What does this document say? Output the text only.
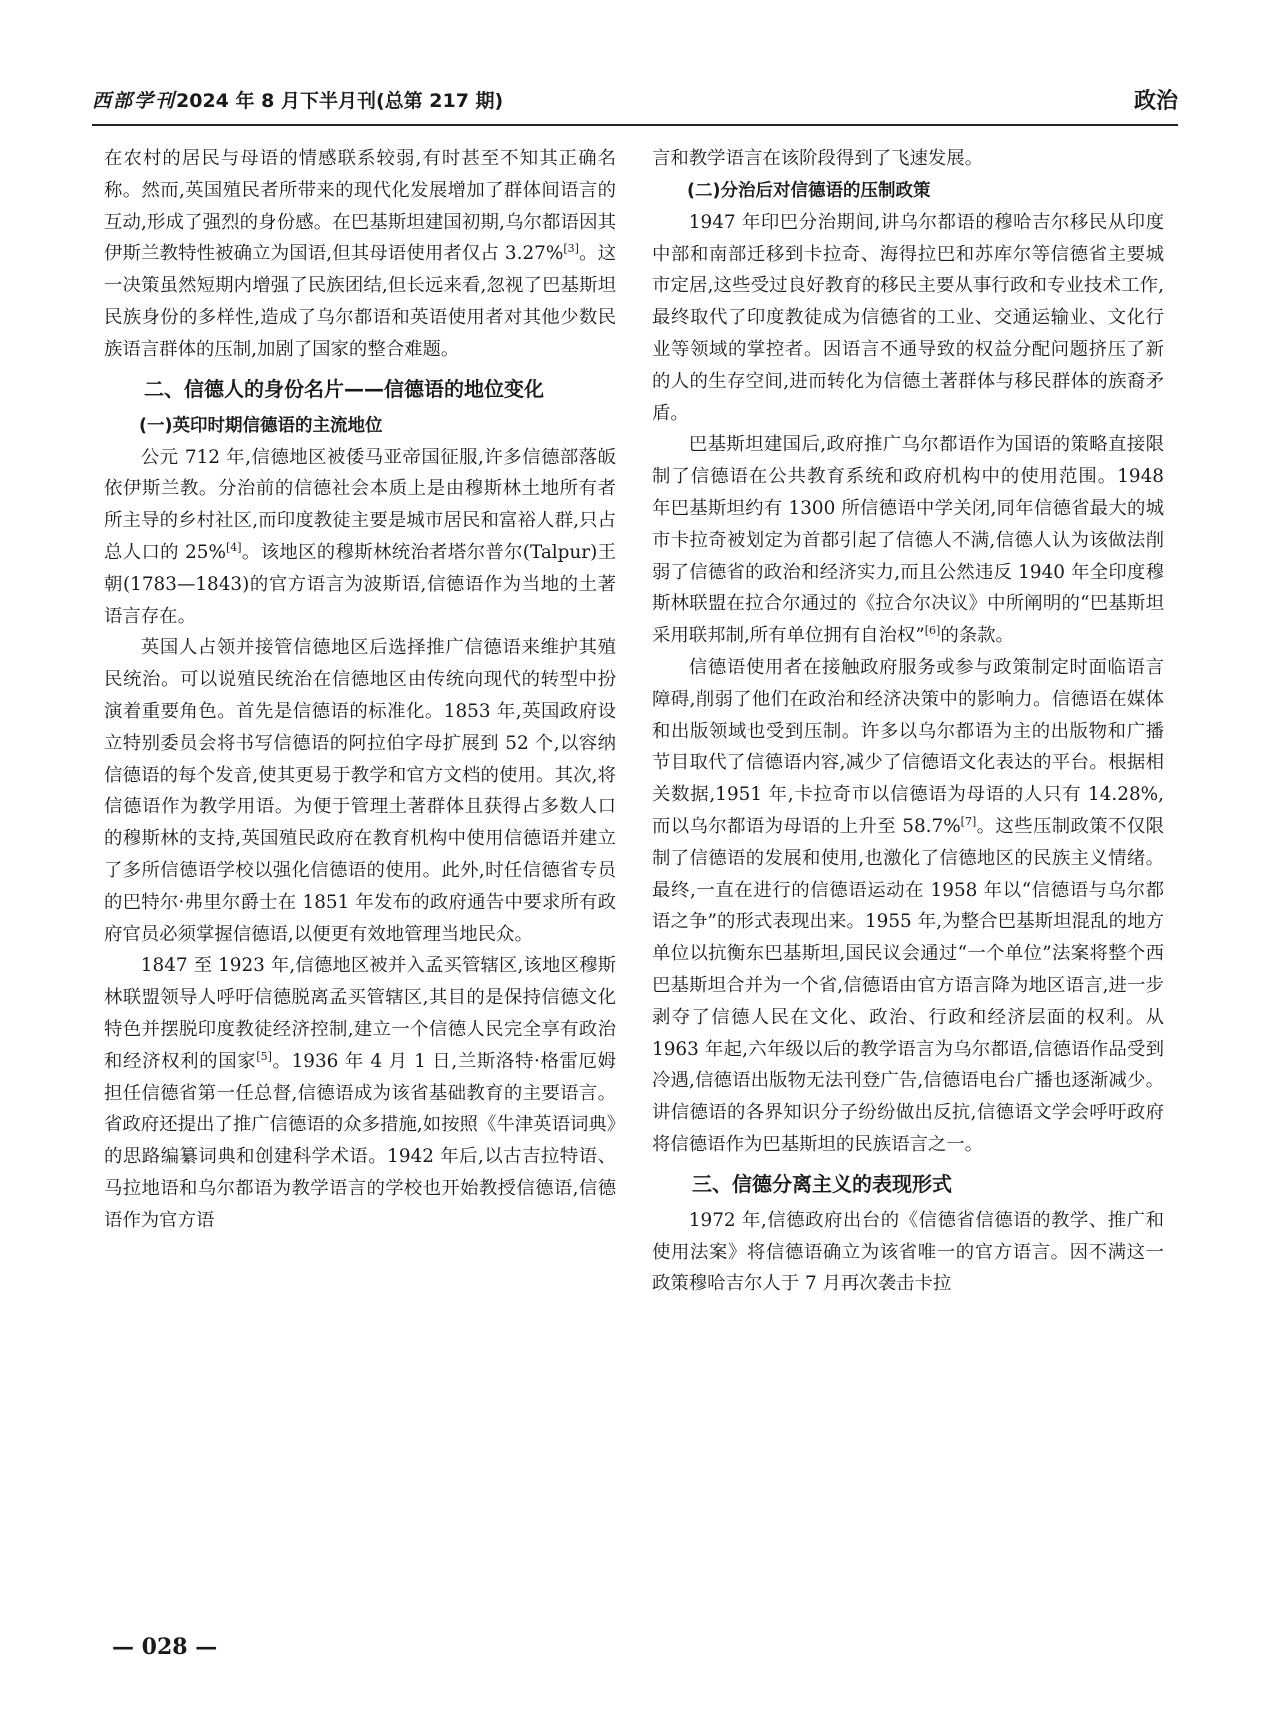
西部学刊2024 年 8 月下半月刊(总第 217 期)	政治

在农村的居民与母语的情感联系较弱,有时甚至不知其正确名称。然而,英国殖民者所带来的现代化发展增加了群体间语言的互动,形成了强烈的身份感。在巴基斯坦建国初期,乌尔都语因其伊斯兰教特性被确立为国语,但其母语使用者仅占 3.27%[3]。这一决策虽然短期内增强了民族团结,但长远来看,忽视了巴基斯坦民族身份的多样性,造成了乌尔都语和英语使用者对其他少数民族语言群体的压制,加剧了国家的整合难题。

二、信德人的身份名片——信德语的地位变化
(一)英印时期信德语的主流地位

公元 712 年,信德地区被倭马亚帝国征服,许多信德部落皈依伊斯兰教。分治前的信德社会本质上是由穆斯林土地所有者所主导的乡村社区,而印度教徒主要是城市居民和富裕人群,只占总人口的 25%[4]。该地区的穆斯林统治者塔尔普尔(Talpur)王朝(1783—1843)的官方语言为波斯语,信德语作为当地的土著语言存在。

英国人占领并接管信德地区后选择推广信德语来维护其殖民统治。可以说殖民统治在信德地区由传统向现代的转型中扮演着重要角色。首先是信德语的标准化。1853 年,英国政府设立特别委员会将书写信德语的阿拉伯字母扩展到 52 个,以容纳信德语的每个发音,使其更易于教学和官方文档的使用。其次,将信德语作为教学用语。为便于管理土著群体且获得占多数人口的穆斯林的支持,英国殖民政府在教育机构中使用信德语并建立了多所信德语学校以强化信德语的使用。此外,时任信德省专员的巴特尔·弗里尔爵士在 1851 年发布的政府通告中要求所有政府官员必须掌握信德语,以便更有效地管理当地民众。

1847 至 1923 年,信德地区被并入孟买管辖区,该地区穆斯林联盟领导人呼吁信德脱离孟买管辖区,其目的是保持信德文化特色并摆脱印度教徒经济控制,建立一个信德人民完全享有政治和经济权利的国家[5]。1936 年 4 月 1 日,兰斯洛特·格雷厄姆担任信德省第一任总督,信德语成为该省基础教育的主要语言。省政府还提出了推广信德语的众多措施,如按照《牛津英语词典》的思路编纂词典和创建科学术语。1942 年后,以古吉拉特语、马拉地语和乌尔都语为教学语言的学校也开始教授信德语,信德语作为官方语

言和教学语言在该阶段得到了飞速发展。

(二)分治后对信德语的压制政策

1947 年印巴分治期间,讲乌尔都语的穆哈吉尔移民从印度中部和南部迁移到卡拉奇、海得拉巴和苏库尔等信德省主要城市定居,这些受过良好教育的移民主要从事行政和专业技术工作,最终取代了印度教徒成为信德省的工业、交通运输业、文化行业等领域的掌控者。因语言不通导致的权益分配问题挤压了新的人的生存空间,进而转化为信德土著群体与移民群体的族裔矛盾。

巴基斯坦建国后,政府推广乌尔都语作为国语的策略直接限制了信德语在公共教育系统和政府机构中的使用范围。1948 年巴基斯坦约有 1300 所信德语中学关闭,同年信德省最大的城市卡拉奇被划定为首都引起了信德人不满,信德人认为该做法削弱了信德省的政治和经济实力,而且公然违反 1940 年全印度穆斯林联盟在拉合尔通过的《拉合尔决议》中所阐明的“巴基斯坦采用联邦制,所有单位拥有自治权”[6]的条款。

信德语使用者在接触政府服务或参与政策制定时面临语言障碍,削弱了他们在政治和经济决策中的影响力。信德语在媒体和出版领域也受到压制。许多以乌尔都语为主的出版物和广播节目取代了信德语内容,减少了信德语文化表达的平台。根据相关数据,1951 年,卡拉奇市以信德语为母语的人只有 14.28%,而以乌尔都语为母语的上升至 58.7%[7]。这些压制政策不仅限制了信德语的发展和使用,也激化了信德地区的民族主义情绪。最终,一直在进行的信德语运动在 1958 年以“信德语与乌尔都语之争”的形式表现出来。1955 年,为整合巴基斯坦混乱的地方单位以抗衡东巴基斯坦,国民议会通过“一个单位”法案将整个西巴基斯坦合并为一个省,信德语由官方语言降为地区语言,进一步剥夺了信德人民在文化、政治、行政和经济层面的权利。从 1963 年起,六年级以后的教学语言为乌尔都语,信德语作品受到冷遇,信德语出版物无法刊登广告,信德语电台广播也逐渐减少。讲信德语的各界知识分子纷纷做出反抗,信德语文学会呼吁政府将信德语作为巴基斯坦的民族语言之一。

三、信德分离主义的表现形式

1972 年,信德政府出台的《信德省信德语的教学、推广和使用法案》将信德语确立为该省唯一的官方语言。因不满这一政策穆哈吉尔人于 7 月再次袭击卡拉

— 028 —
